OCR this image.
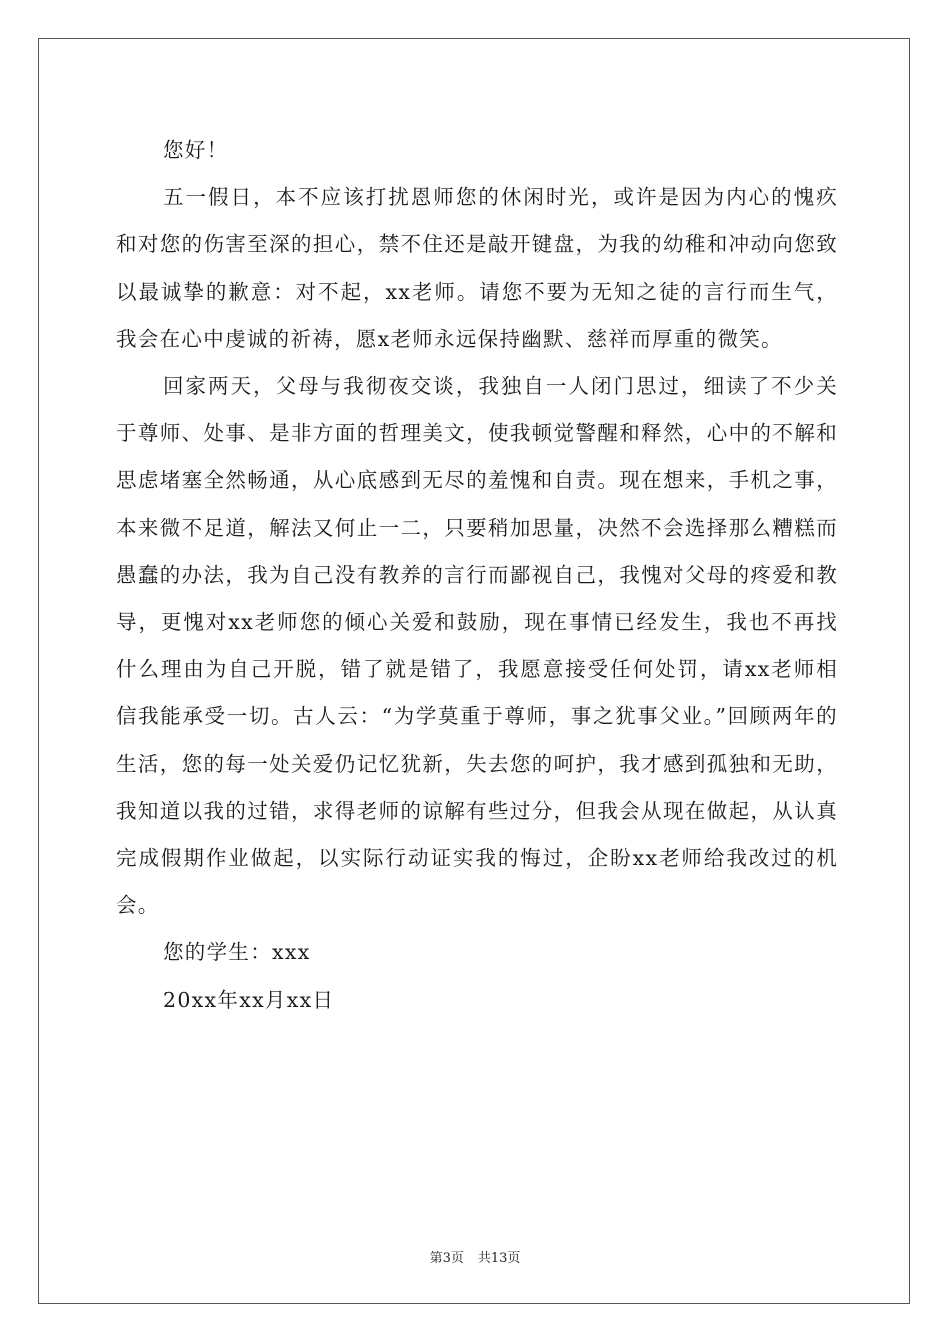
您好！

五一假日，本不应该打扰恩师您的休闲时光，或许是因为内心的愧疚和对您的伤害至深的担心，禁不住还是敲开键盘，为我的幼稚和冲动向您致以最诚挚的歉意：对不起，xx老师。请您不要为无知之徒的言行而生气，我会在心中虔诚的祈祷，愿x老师永远保持幽默、慈祥而厚重的微笑。

回家两天，父母与我彻夜交谈，我独自一人闭门思过，细读了不少关于尊师、处事、是非方面的哲理美文，使我顿觉警醒和释然，心中的不解和思虑堵塞全然畅通，从心底感到无尽的羞愧和自责。现在想来，手机之事，本来微不足道，解法又何止一二，只要稍加思量，决然不会选择那么糟糕而愚蠢的办法，我为自己没有教养的言行而鄙视自己，我愧对父母的疼爱和教导，更愧对xx老师您的倾心关爱和鼓励，现在事情已经发生，我也不再找什么理由为自己开脱，错了就是错了，我愿意接受任何处罚，请xx老师相信我能承受一切。古人云：“为学莫重于尊师，事之犹事父业。”回顾两年的生活，您的每一处关爱仍记忆犹新，失去您的呵护，我才感到孤独和无助，我知道以我的过错，求得老师的谅解有些过分，但我会从现在做起，从认真完成假期作业做起，以实际行动证实我的悔过，企盼xx老师给我改过的机会。

您的学生：xxx

20xx年xx月xx日

第3页 共13页
